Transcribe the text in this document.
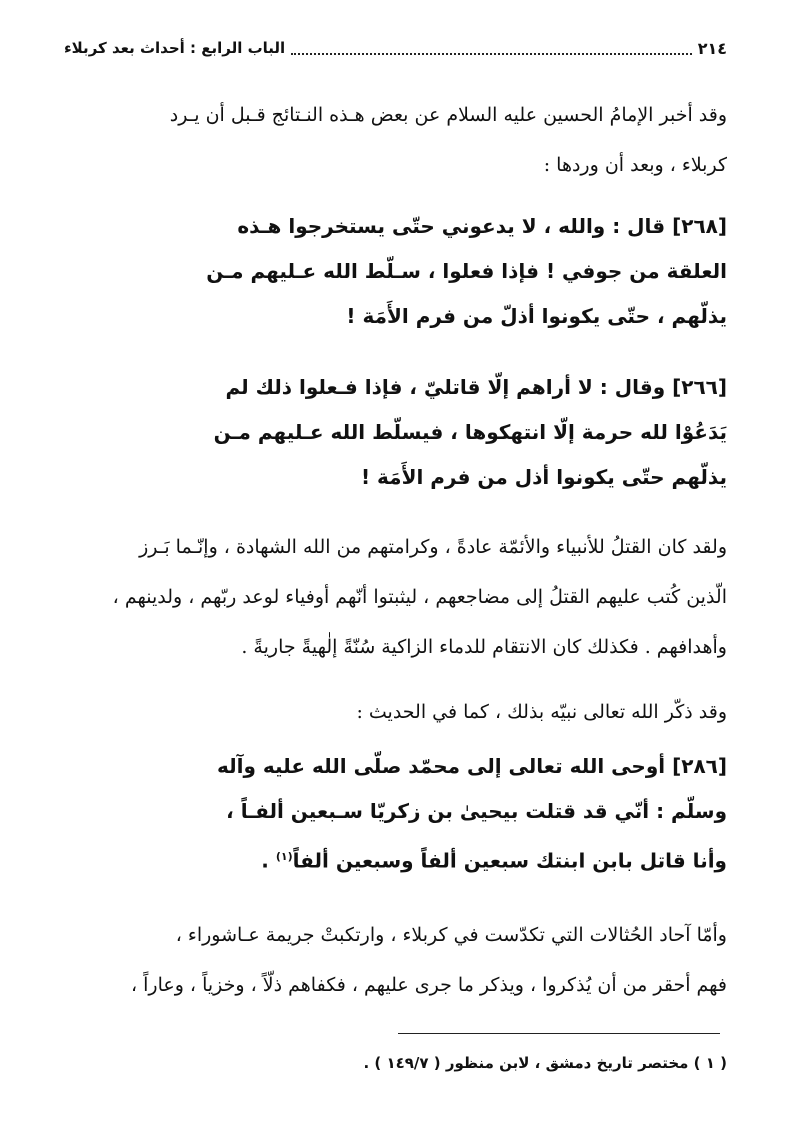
٢١٤
الباب الرابع : أحداث بعد كربلاء
وقد أخبر الإمامُ الحسين عليه السلام عن بعض هـذه النـتائج قـبل أن يـرد
كربلاء ، وبعد أن وردها :
[٢٦٨] قال : والله ، لا يدعوني حتّى يستخرجوا هـذه
العلقة من جوفي ! فإذا فعلوا ، سـلّط الله عـليهم مـن
يذلّهم ، حتّى يكونوا أذلّ من فرم الأَمَة !
[٢٦٦] وقال : لا أراهم إلّا قاتليّ ، فإذا فـعلوا ذلك لم
يَدَعُوْا لله حرمة إلّا انتهكوها ، فيسلّط الله عـليهم مـن
يذلّهم حتّى يكونوا أذل من فرم الأَمَة !
ولقد كان القتلُ للأنبياء والأئمّة عادةً ، وكرامتهم من الله الشهادة ، وإنّـما بَـرز
الّذين كُتب عليهم القتلُ إلى مضاجعهم ، ليثبتوا أنّهم أوفياء لوعد ربّهم ، ولدينهم ،
وأهدافهم . فكذلك كان الانتقام للدماء الزاكية سُنّةً إلٰهيةً جاريةً .
وقد ذكّر الله تعالى نبيّه بذلك ، كما في الحديث :
[٢٨٦] أوحى الله تعالى إلى محمّد صلّى الله عليه وآله
وسلّم : أنّي قد قتلت بيحيىٰ بن زكريّا سـبعين ألفـاً ،
وأنا قاتل بابن ابنتك سبعين ألفاً وسبعين ألفاً$^{(١)}$ .
وأمّا آحاد الحُثالات التي تكدّست في كربلاء ، وارتكبتْ جريمة عـاشوراء ،
فهم أحقر من أن يُذكروا ، ويذكر ما جرى عليهم ، فكفاهم ذلّاً ، وخزياً ، وعاراً ،
( ١ ) مختصر تاريخ دمشق ، لابن منظور ( ١٤٩/٧ ) .
